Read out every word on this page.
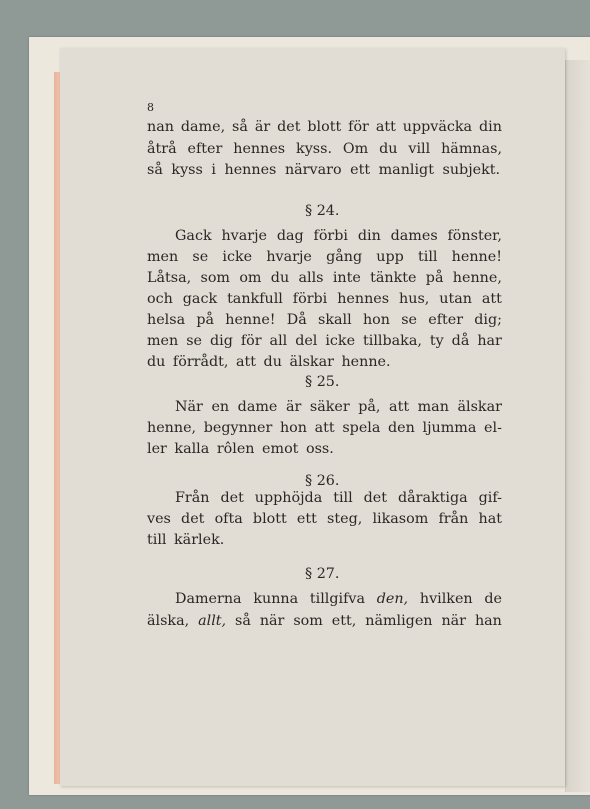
8
nan dame, så är det blott för att uppväcka din
åtrå efter hennes kyss. Om du vill hämnas,
så kyss i hennes närvaro ett manligt subjekt.
§ 24.
Gack hvarje dag förbi din dames fönster,
men se icke hvarje gång upp till henne!
Låtsa, som om du alls inte tänkte på henne,
och gack tankfull förbi hennes hus, utan att
helsa på henne! Då skall hon se efter dig;
men se dig för all del icke tillbaka, ty då har
du förrådt, att du älskar henne.
§ 25.
När en dame är säker på, att man älskar
henne, begynner hon att spela den ljumma el-
ler kalla rôlen emot oss.
§ 26.
Från det upphöjda till det dåraktiga gif-
ves det ofta blott ett steg, likasom från hat
till kärlek.
§ 27.
Damerna kunna tillgifva den, hvilken de
älska, allt, så när som ett, nämligen när han
